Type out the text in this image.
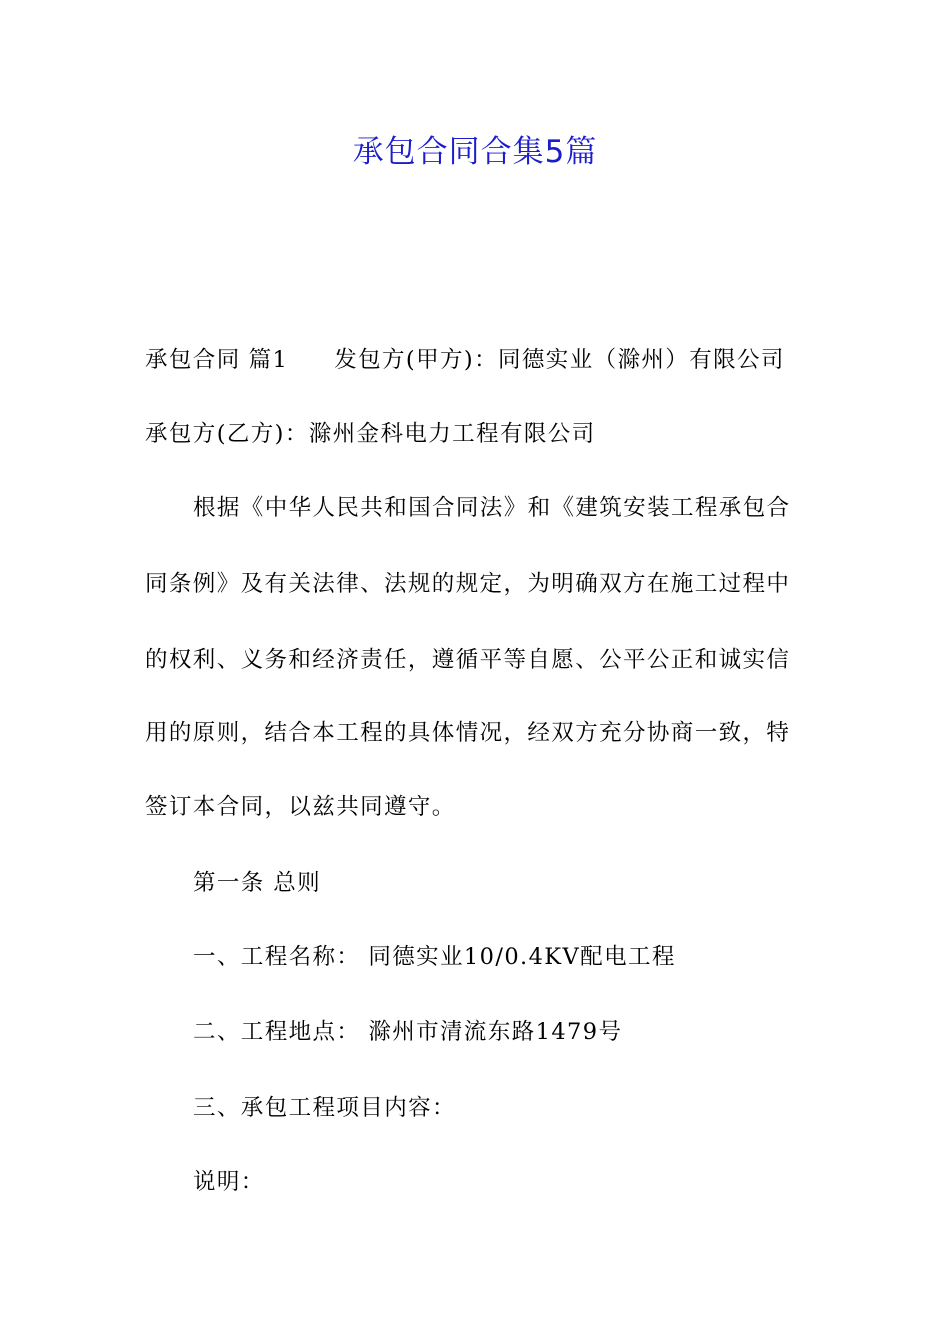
承包合同合集5篇
承包合同 篇1 发包方(甲方)：同德实业（滁州）有限公司
承包方(乙方)：滁州金科电力工程有限公司
根据《中华人民共和国合同法》和《建筑安装工程承包合
同条例》及有关法律、法规的规定，为明确双方在施工过程中
的权利、义务和经济责任，遵循平等自愿、公平公正和诚实信
用的原则，结合本工程的具体情况，经双方充分协商一致，特
签订本合同，以兹共同遵守。
第一条 总则
一、工程名称： 同德实业10/0.4KV配电工程
二、工程地点： 滁州市清流东路1479号
三、承包工程项目内容：
说明：
